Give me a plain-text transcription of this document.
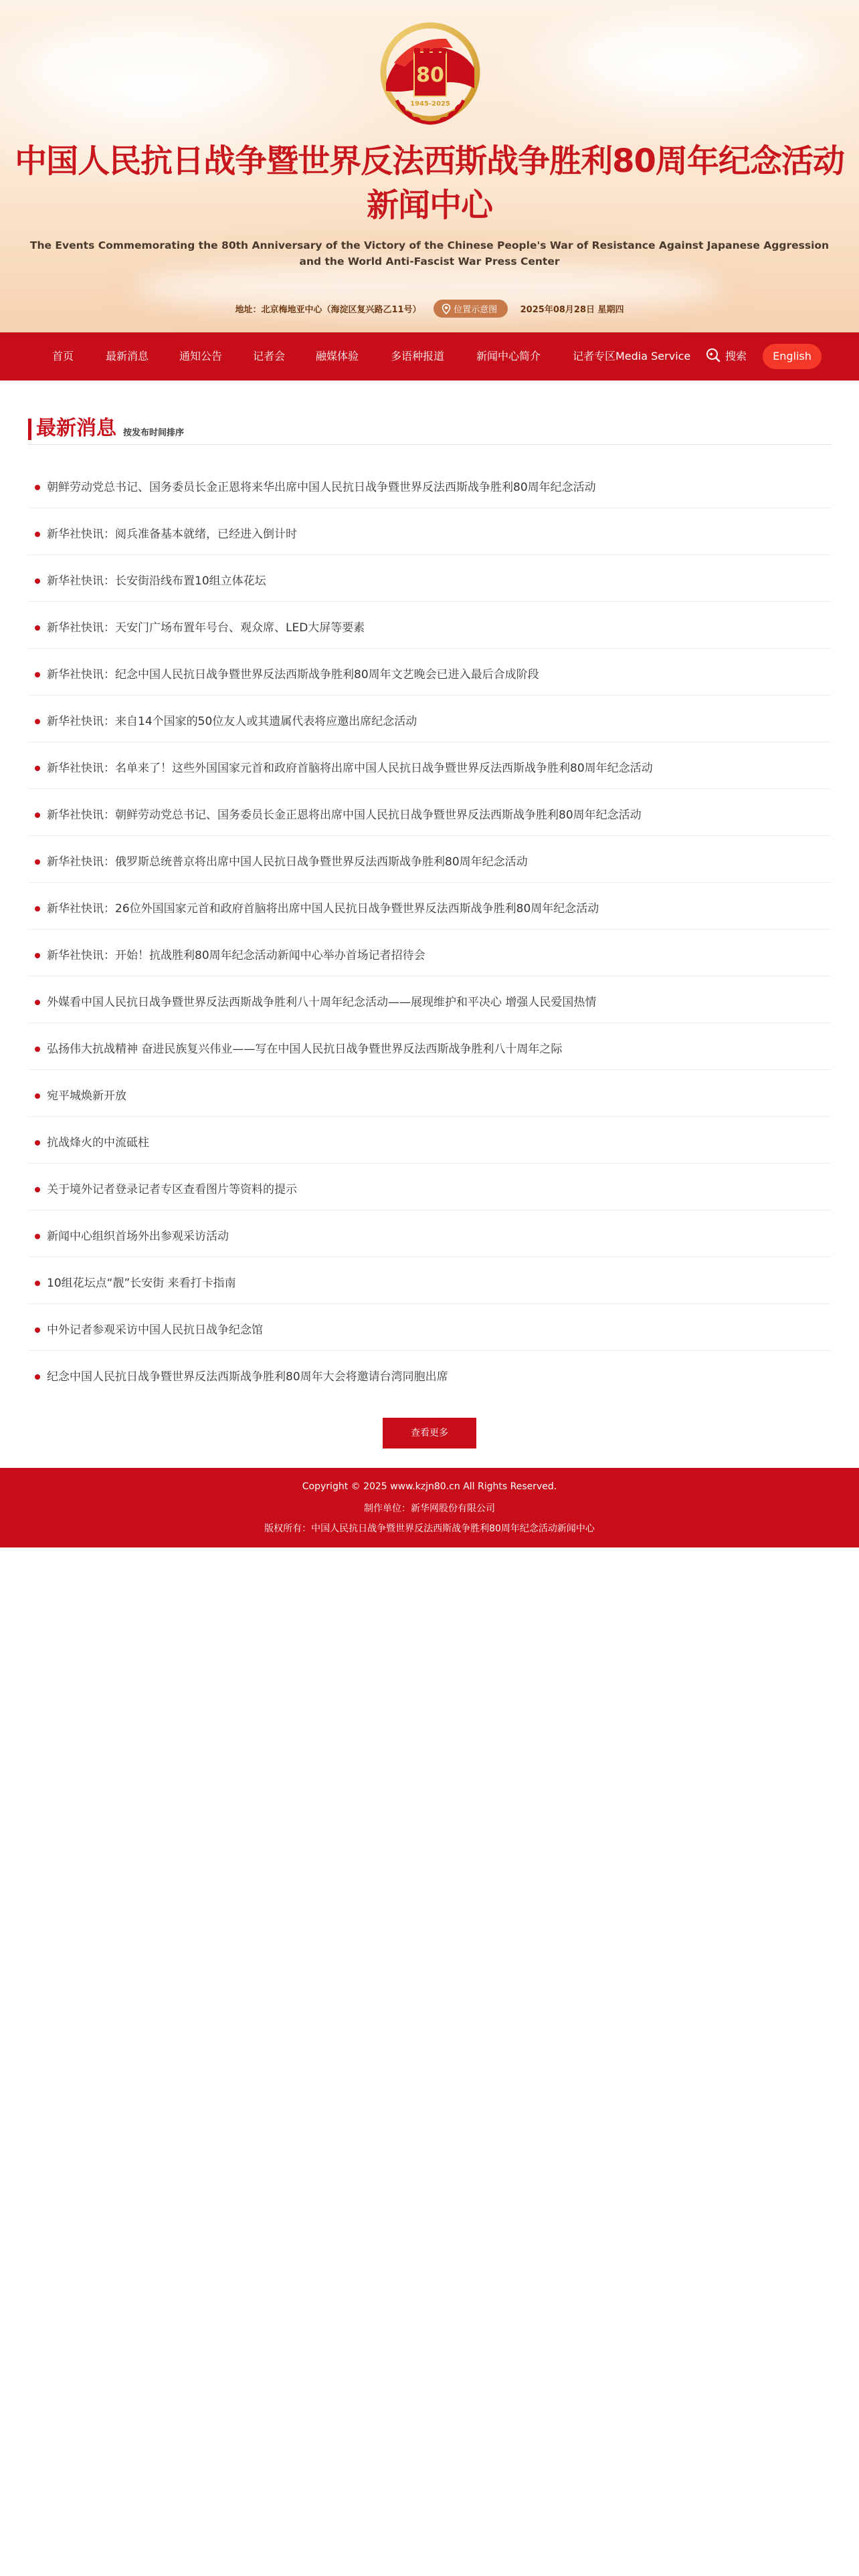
80
1945-2025
中国人民抗日战争暨世界反法西斯战争胜利80周年纪念活动
新闻中心
The Events Commemorating the 80th Anniversary of the Victory of the Chinese People's War of Resistance Against Japanese Aggression and the World Anti-Fascist War Press Center
地址：北京梅地亚中心（海淀区复兴路乙11号）	位置示意图	2025年08月28日 星期四
首页	最新消息	通知公告	记者会	融媒体验	多语种报道	新闻中心简介	记者专区Media Service	搜索	English
最新消息 按发布时间排序
朝鲜劳动党总书记、国务委员长金正恩将来华出席中国人民抗日战争暨世界反法西斯战争胜利80周年纪念活动
新华社快讯：阅兵准备基本就绪，已经进入倒计时
新华社快讯：长安街沿线布置10组立体花坛
新华社快讯：天安门广场布置年号台、观众席、LED大屏等要素
新华社快讯：纪念中国人民抗日战争暨世界反法西斯战争胜利80周年文艺晚会已进入最后合成阶段
新华社快讯：来自14个国家的50位友人或其遗属代表将应邀出席纪念活动
新华社快讯：名单来了！这些外国国家元首和政府首脑将出席中国人民抗日战争暨世界反法西斯战争胜利80周年纪念活动
新华社快讯：朝鲜劳动党总书记、国务委员长金正恩将出席中国人民抗日战争暨世界反法西斯战争胜利80周年纪念活动
新华社快讯：俄罗斯总统普京将出席中国人民抗日战争暨世界反法西斯战争胜利80周年纪念活动
新华社快讯：26位外国国家元首和政府首脑将出席中国人民抗日战争暨世界反法西斯战争胜利80周年纪念活动
新华社快讯：开始！抗战胜利80周年纪念活动新闻中心举办首场记者招待会
外媒看中国人民抗日战争暨世界反法西斯战争胜利八十周年纪念活动——展现维护和平决心 增强人民爱国热情
弘扬伟大抗战精神 奋进民族复兴伟业——写在中国人民抗日战争暨世界反法西斯战争胜利八十周年之际
宛平城焕新开放
抗战烽火的中流砥柱
关于境外记者登录记者专区查看图片等资料的提示
新闻中心组织首场外出参观采访活动
10组花坛点“靓”长安街 来看打卡指南
中外记者参观采访中国人民抗日战争纪念馆
纪念中国人民抗日战争暨世界反法西斯战争胜利80周年大会将邀请台湾同胞出席
查看更多
Copyright © 2025 www.kzjn80.cn All Rights Reserved.
制作单位：新华网股份有限公司
版权所有：中国人民抗日战争暨世界反法西斯战争胜利80周年纪念活动新闻中心
